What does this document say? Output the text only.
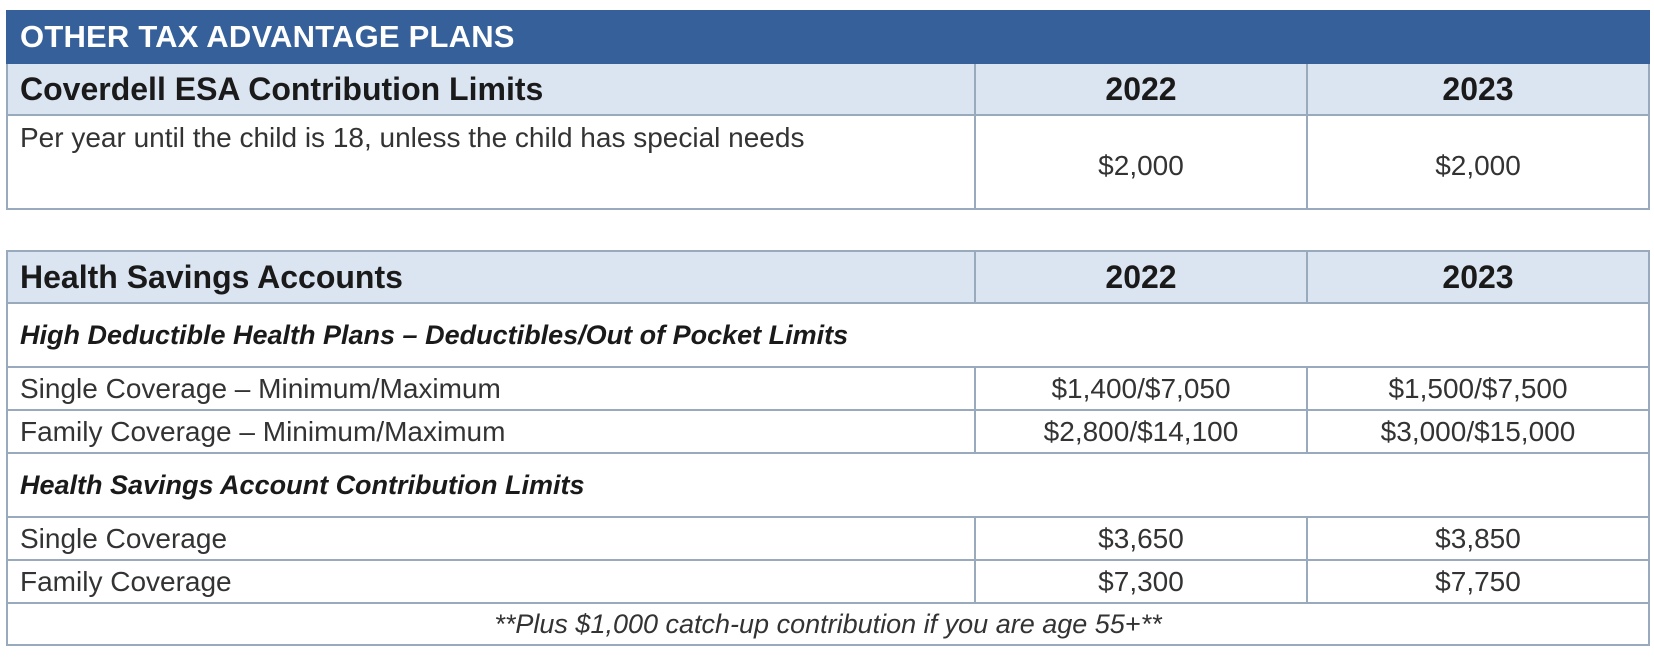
OTHER TAX ADVANTAGE PLANS		
Coverdell ESA Contribution Limits	2022	2023
Per year until the child is 18, unless the child has special needs	$2,000	$2,000
Health Savings Accounts	2022	2023
High Deductible Health Plans – Deductibles/Out of Pocket Limits		
Single Coverage – Minimum/Maximum	$1,400/$7,050	$1,500/$7,500
Family Coverage – Minimum/Maximum	$2,800/$14,100	$3,000/$15,000
Health Savings Account Contribution Limits		
Single Coverage	$3,650	$3,850
Family Coverage	$7,300	$7,750
**Plus $1,000 catch-up contribution if you are age 55+**		
